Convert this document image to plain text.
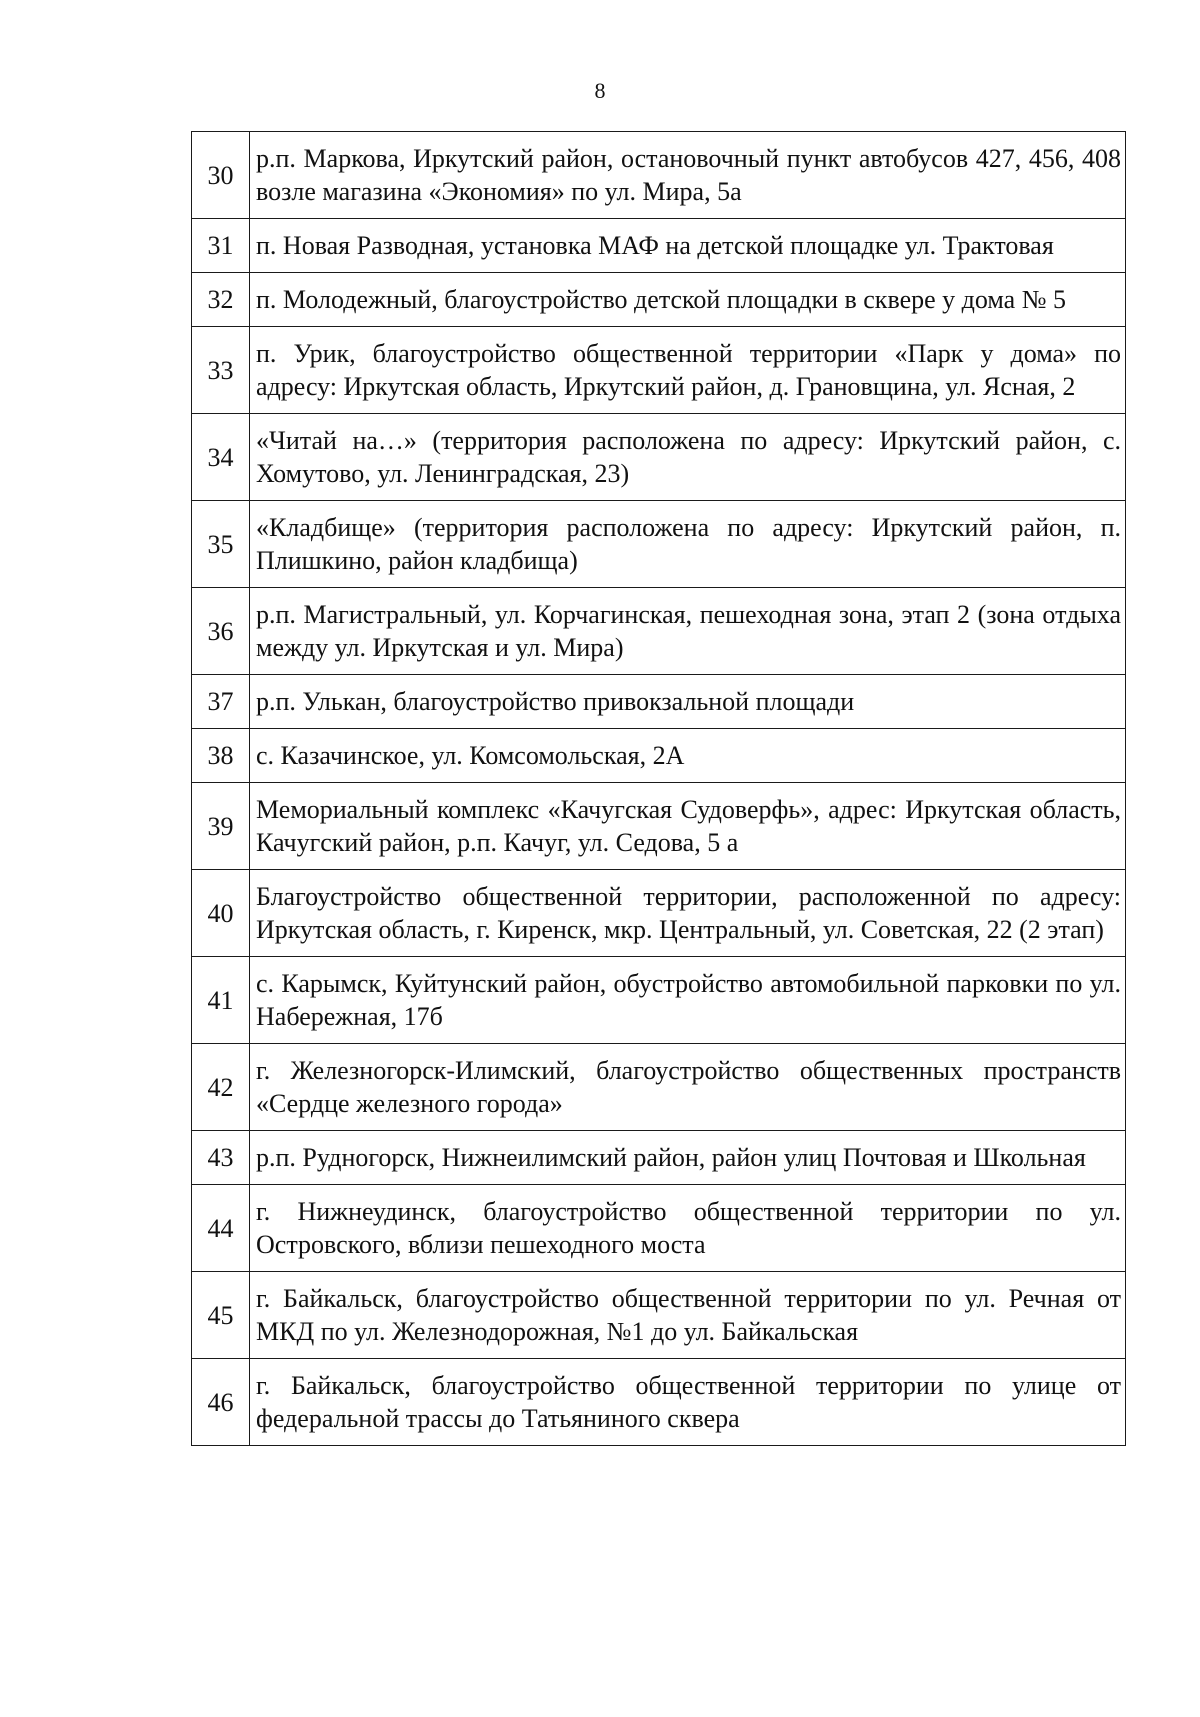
8
30	р.п. Маркова, Иркутский район, остановочный пункт автобусов 427, 456, 408 возле магазина «Экономия» по ул. Мира, 5а
31	п. Новая Разводная, установка МАФ на детской площадке ул. Трактовая
32	п. Молодежный, благоустройство детской площадки в сквере у дома № 5
33	п. Урик, благоустройство общественной территории «Парк у дома» по адресу: Иркутская область, Иркутский район, д. Грановщина, ул. Ясная, 2
34	«Читай на…» (территория расположена по адресу: Иркутский район, с. Хомутово, ул. Ленинградская, 23)
35	«Кладбище» (территория расположена по адресу: Иркутский район, п. Плишкино, район кладбища)
36	р.п. Магистральный, ул. Корчагинская, пешеходная зона, этап 2 (зона отдыха между ул. Иркутская и ул. Мира)
37	р.п. Улькан, благоустройство привокзальной площади
38	с. Казачинское, ул. Комсомольская, 2А
39	Мемориальный комплекс «Качугская Судоверфь», адрес: Иркутская область, Качугский район, р.п. Качуг, ул. Седова, 5 а
40	Благоустройство общественной территории, расположенной по адресу: Иркутская область, г. Киренск, мкр. Центральный, ул. Советская, 22 (2 этап)
41	с. Карымск, Куйтунский район, обустройство автомобильной парковки по ул. Набережная, 17б
42	г. Железногорск-Илимский, благоустройство общественных пространств «Сердце железного города»
43	р.п. Рудногорск, Нижнеилимский район, район улиц Почтовая и Школьная
44	г. Нижнеудинск, благоустройство общественной территории по ул. Островского, вблизи пешеходного моста
45	г. Байкальск, благоустройство общественной территории по ул. Речная от МКД по ул. Железнодорожная, №1 до ул. Байкальская
46	г. Байкальск, благоустройство общественной территории по улице от федеральной трассы до Татьяниного сквера
